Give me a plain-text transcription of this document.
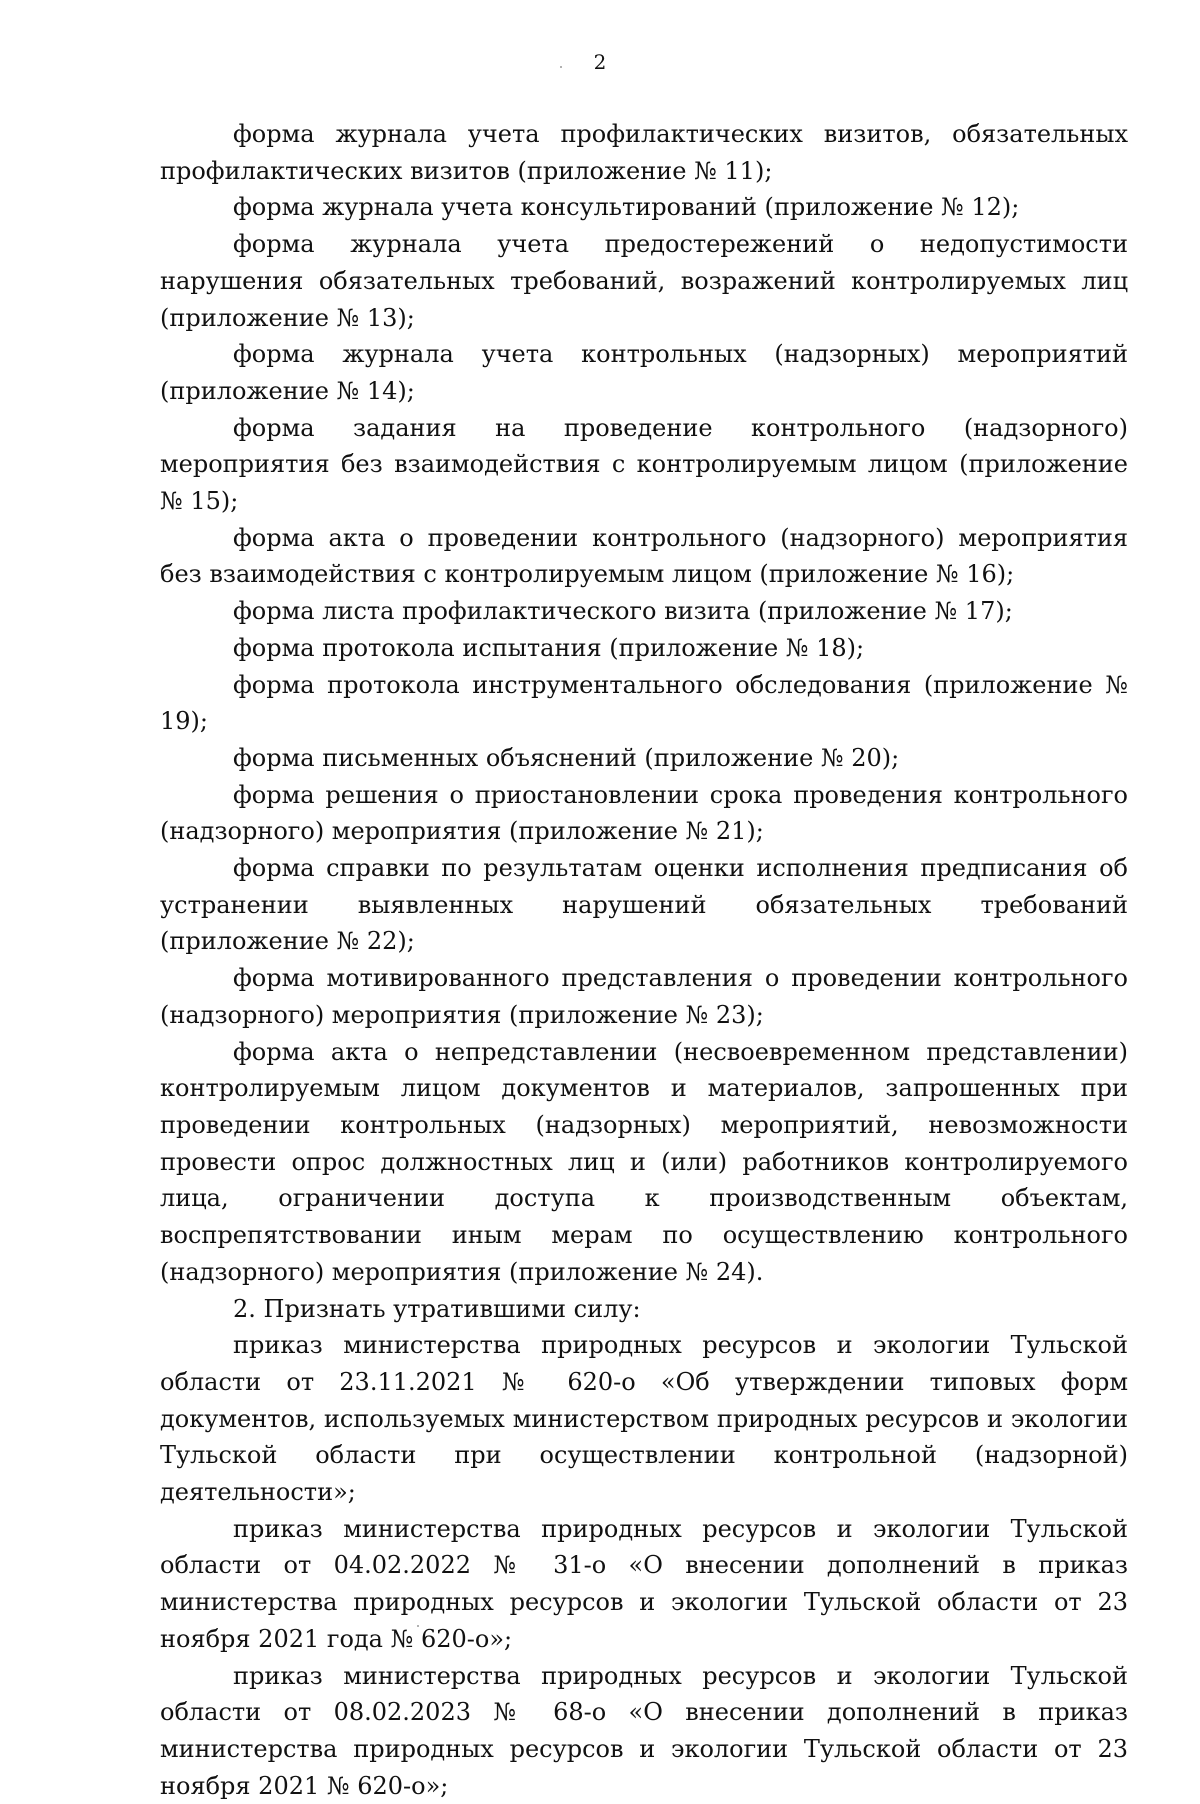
2

форма журнала учета профилактических визитов, обязательных профилактических визитов (приложение № 11);

форма журнала учета консультирований (приложение № 12);

форма журнала учета предостережений о недопустимости нарушения обязательных требований, возражений контролируемых лиц (приложение № 13);

форма журнала учета контрольных (надзорных) мероприятий (приложение № 14);

форма задания на проведение контрольного (надзорного) мероприятия без взаимодействия с контролируемым лицом (приложение № 15);

форма акта о проведении контрольного (надзорного) мероприятия без взаимодействия с контролируемым лицом (приложение № 16);

форма листа профилактического визита (приложение № 17);

форма протокола испытания (приложение № 18);

форма протокола инструментального обследования (приложение № 19);

форма письменных объяснений (приложение № 20);

форма решения о приостановлении срока проведения контрольного (надзорного) мероприятия (приложение № 21);

форма справки по результатам оценки исполнения предписания об устранении выявленных нарушений обязательных требований (приложение № 22);

форма мотивированного представления о проведении контрольного (надзорного) мероприятия (приложение № 23);

форма акта о непредставлении (несвоевременном представлении) контролируемым лицом документов и материалов, запрошенных при проведении контрольных (надзорных) мероприятий, невозможности провести опрос должностных лиц и (или) работников контролируемого лица, ограничении доступа к производственным объектам, воспрепятствовании иным мерам по осуществлению контрольного (надзорного) мероприятия (приложение № 24).

2. Признать утратившими силу:

приказ министерства природных ресурсов и экологии Тульской области от 23.11.2021 № 620-о «Об утверждении типовых форм документов, используемых министерством природных ресурсов и экологии Тульской области при осуществлении контрольной (надзорной) деятельности»;

приказ министерства природных ресурсов и экологии Тульской области от 04.02.2022 № 31-о «О внесении дополнений в приказ министерства природных ресурсов и экологии Тульской области от 23 ноября 2021 года № 620-о»;

приказ министерства природных ресурсов и экологии Тульской области от 08.02.2023 № 68-о «О внесении дополнений в приказ министерства природных ресурсов и экологии Тульской области от 23 ноября 2021 № 620-о»;
